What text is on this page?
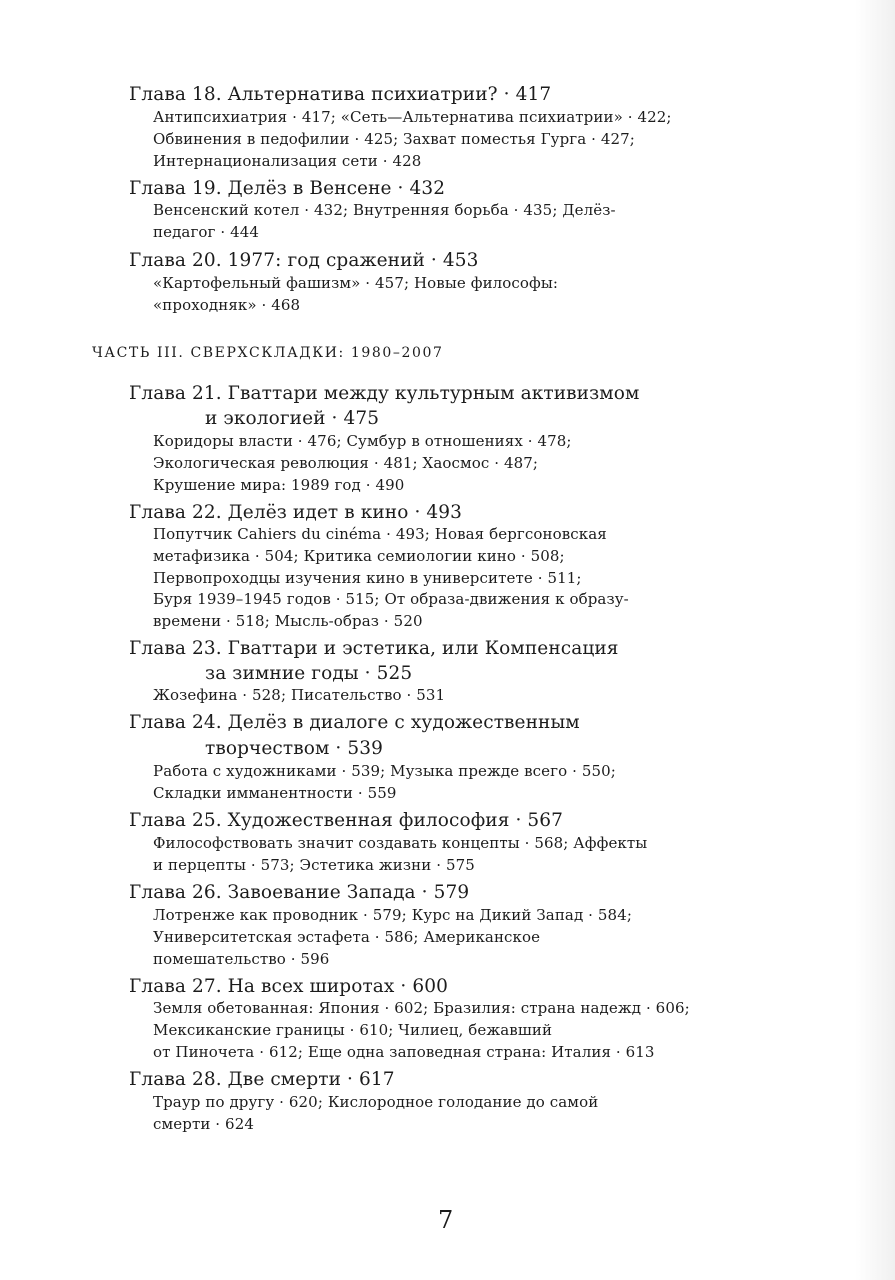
Глава 18. Альтернатива психиатрии? · 417
Антипсихиатрия · 417; «Сеть—Альтернатива психиатрии» · 422;
Обвинения в педофилии · 425; Захват поместья Гурга · 427;
Интернационализация сети · 428
Глава 19. Делёз в Венсене · 432
Венсенский котел · 432; Внутренняя борьба · 435; Делёз-
педагог · 444
Глава 20. 1977: год сражений · 453
«Картофельный фашизм» · 457; Новые философы:
«проходняк» · 468
ЧАСТЬ III. СВЕРХСКЛАДКИ: 1980–2007
Глава 21. Гваттари между культурным активизмом
и экологией · 475
Коридоры власти · 476; Сумбур в отношениях · 478;
Экологическая революция · 481; Хаосмос · 487;
Крушение мира: 1989 год · 490
Глава 22. Делёз идет в кино · 493
Попутчик Cahiers du cinéma · 493; Новая бергсоновская
метафизика · 504; Критика семиологии кино · 508;
Первопроходцы изучения кино в университете · 511;
Буря 1939–1945 годов · 515; От образа-движения к образу-
времени · 518; Мысль-образ · 520
Глава 23. Гваттари и эстетика, или Компенсация
за зимние годы · 525
Жозефина · 528; Писательство · 531
Глава 24. Делёз в диалоге с художественным
творчеством · 539
Работа с художниками · 539; Музыка прежде всего · 550;
Складки имманентности · 559
Глава 25. Художественная философия · 567
Философствовать значит создавать концепты · 568; Аффекты
и перцепты · 573; Эстетика жизни · 575
Глава 26. Завоевание Запада · 579
Лотренже как проводник · 579; Курс на Дикий Запад · 584;
Университетская эстафета · 586; Американское
помешательство · 596
Глава 27. На всех широтах · 600
Земля обетованная: Япония · 602; Бразилия: страна надежд · 606;
Мексиканские границы · 610; Чилиец, бежавший
от Пиночета · 612; Еще одна заповедная страна: Италия · 613
Глава 28. Две смерти · 617
Траур по другу · 620; Кислородное голодание до самой
смерти · 624
7
